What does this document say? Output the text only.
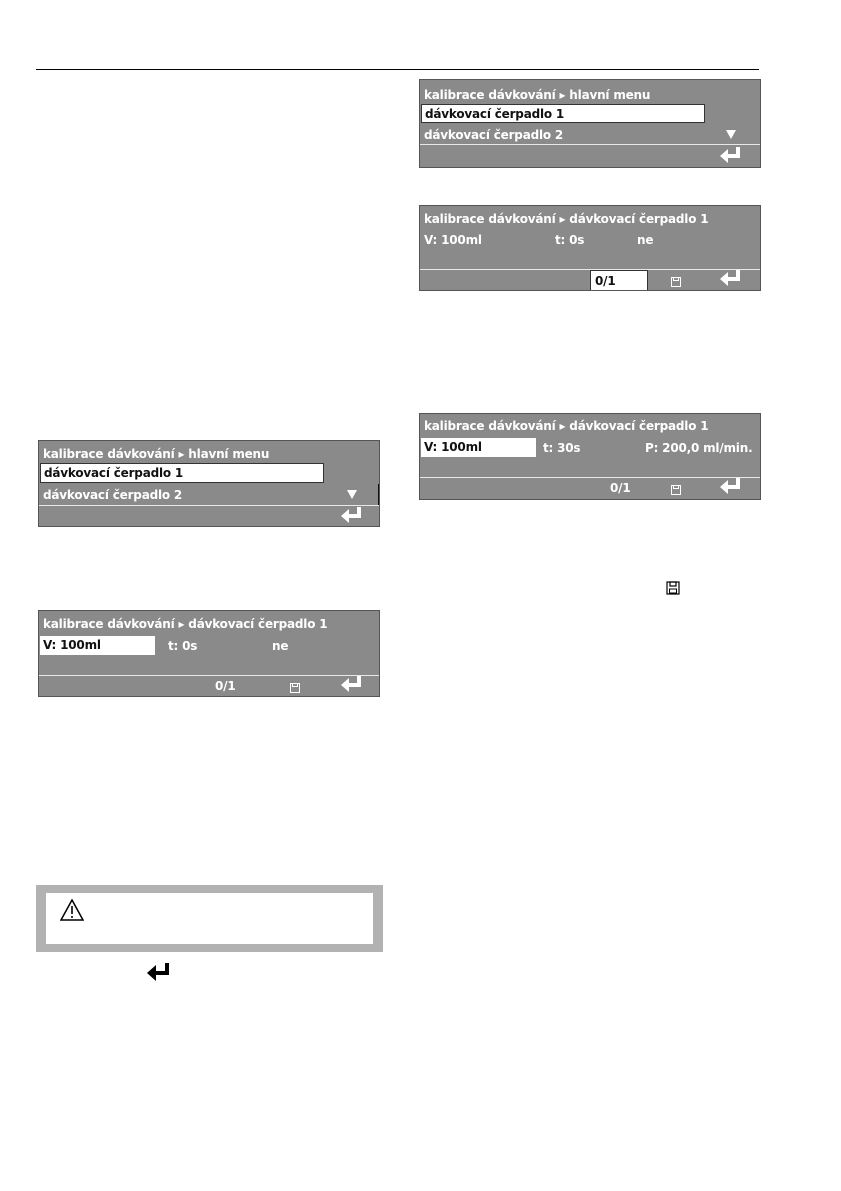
kalibrace dávkování ▸ hlavní menu
dávkovací čerpadlo 1
dávkovací čerpadlo 2
kalibrace dávkování ▸ dávkovací čerpadlo 1
V: 100ml	t: 0s	ne
0/1
kalibrace dávkování ▸ dávkovací čerpadlo 1
V: 100ml	t: 30s	P: 200,0 ml/min.
0/1
kalibrace dávkování ▸ hlavní menu
dávkovací čerpadlo 1
dávkovací čerpadlo 2
kalibrace dávkování ▸ dávkovací čerpadlo 1
V: 100ml	t: 0s	ne
0/1
